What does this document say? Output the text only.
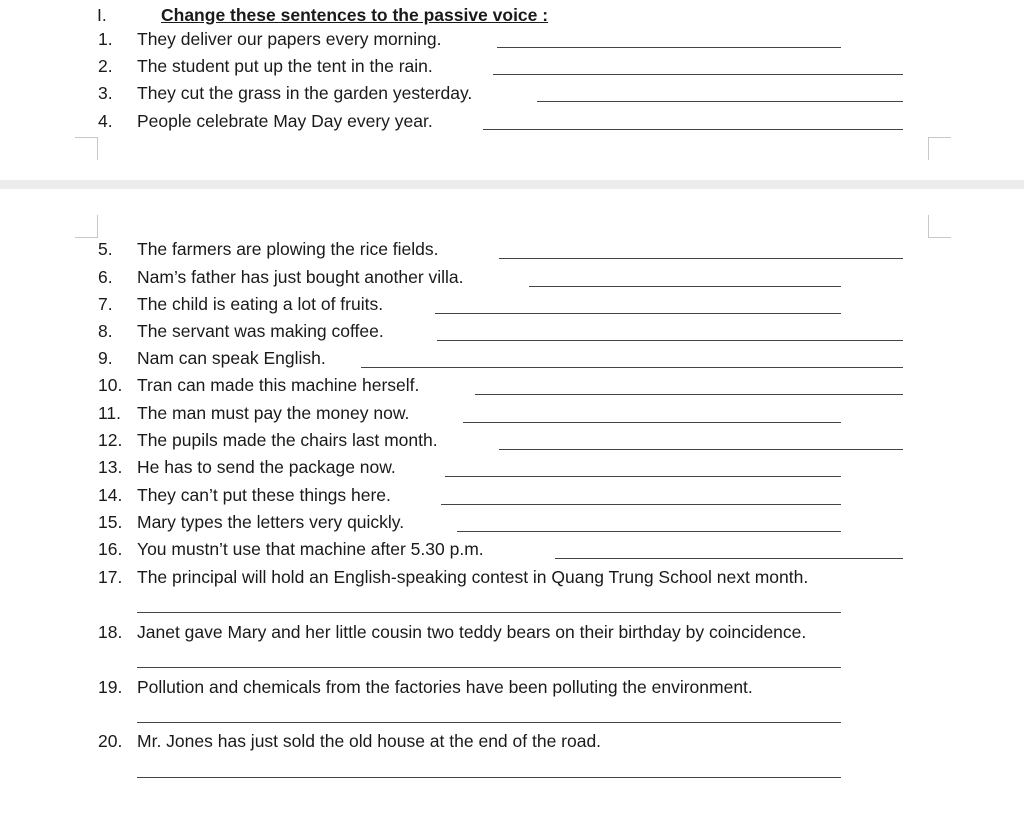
I.	Change these sentences to the passive voice :
1.	They deliver our papers every morning.
2.	The student put up the tent in the rain.
3.	They cut the grass in the garden yesterday.
4.	People celebrate May Day every year.
5.	The farmers are plowing the rice fields.
6.	Nam’s father has just bought another villa.
7.	The child is eating a lot of fruits.
8.	The servant was making coffee.
9.	Nam can speak English.
10. Tran can made this machine herself.
11. The man must pay the money now.
12. The pupils made the chairs last month.
13. He has to send the package now.
14. They can’t put these things here.
15. Mary types the letters very quickly.
16. You mustn’t use that machine after 5.30 p.m.
17. The principal will hold an English-speaking contest in Quang Trung School next month.
18. Janet gave Mary and her little cousin two teddy bears on their birthday by coincidence.
19. Pollution and chemicals from the factories have been polluting the environment.
20. Mr. Jones has just sold the old house at the end of the road.
